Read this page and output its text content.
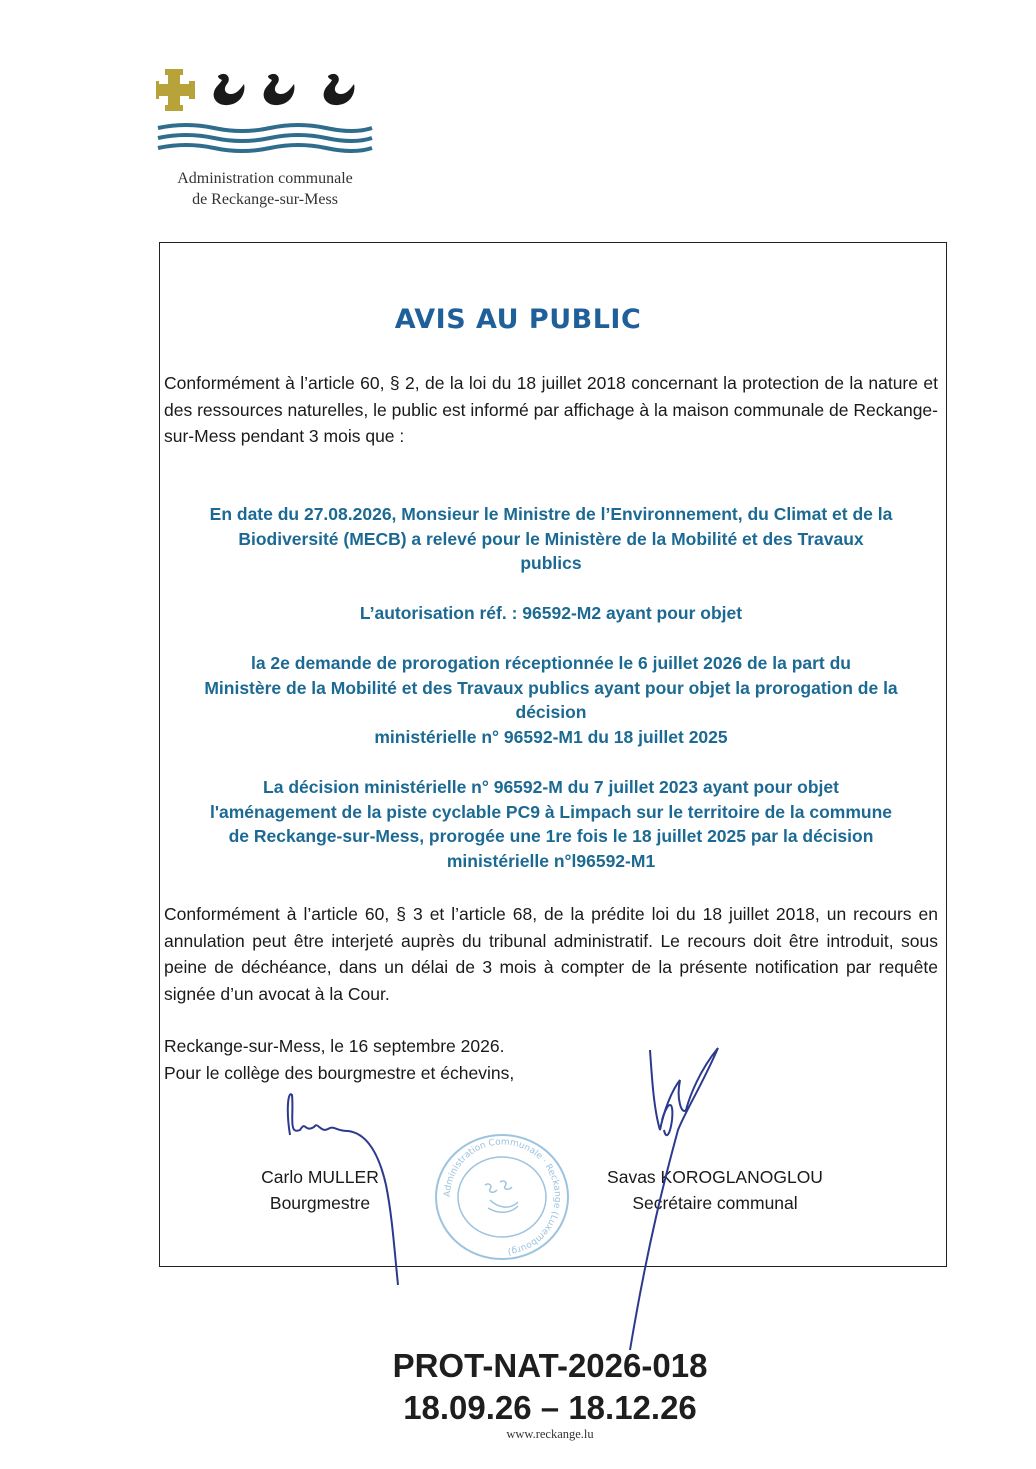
Administration communale
de Reckange-sur-Mess
AVIS AU PUBLIC
Conformément à l’article 60, § 2, de la loi du 18 juillet 2018 concernant la protection de la nature et des ressources naturelles, le public est informé par affichage à la maison communale de Reckange-sur-Mess pendant 3 mois que :
En date du 27.08.2026, Monsieur le Ministre de l’Environnement, du Climat et de la
Biodiversité (MECB) a relevé pour le Ministère de la Mobilité et des Travaux
publics
L’autorisation réf. : 96592-M2 ayant pour objet
la 2e demande de prorogation réceptionnée le 6 juillet 2026 de la part du
Ministère de la Mobilité et des Travaux publics ayant pour objet la prorogation de la
décision
ministérielle n° 96592-M1 du 18 juillet 2025
La décision ministérielle n° 96592-M du 7 juillet 2023 ayant pour objet
l'aménagement de la piste cyclable PC9 à Limpach sur le territoire de la commune
de Reckange-sur-Mess, prorogée une 1re fois le 18 juillet 2025 par la décision
ministérielle n°l96592-M1
Conformément à l’article 60, § 3 et l’article 68, de la prédite loi du 18 juillet 2018, un recours en annulation peut être interjeté auprès du tribunal administratif. Le recours doit être introduit, sous peine de déchéance, dans un délai de 3 mois à compter de la présente notification par requête signée d’un avocat à la Cour.
Reckange-sur-Mess, le 16 septembre 2026.
Pour le collège des bourgmestre et échevins,
Carlo MULLER
Bourgmestre
Savas KOROGLANOGLOU
Secrétaire communal
Administration Communale · Reckange (Luxembourg)
PROT-NAT-2026-018
18.09.26 – 18.12.26
www.reckange.lu
